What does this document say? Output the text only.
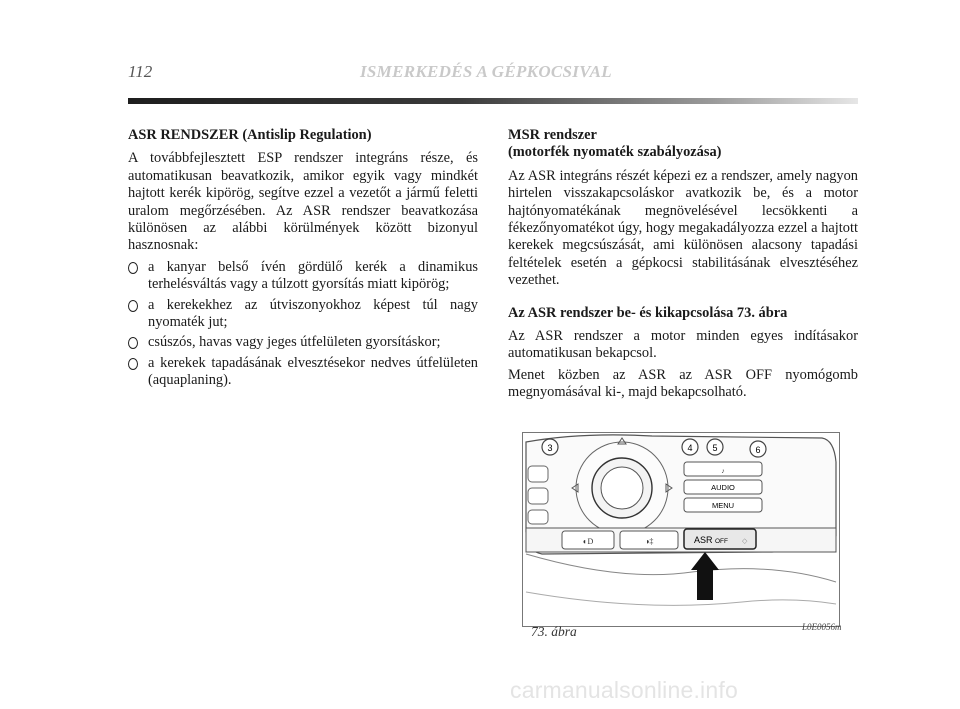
112	ISMERKEDÉS A GÉPKOCSIVAL
ASR RENDSZER (Antislip Regulation)

A továbbfejlesztett ESP rendszer integráns része, és automatikusan beavatkozik, amikor egyik vagy mindkét hajtott kerék kipörög, segítve ezzel a vezetőt a jármű feletti uralom megőrzésében. Az ASR rendszer beavatkozása különösen az alábbi körülmények között bizonyul hasznosnak:

a kanyar belső ívén gördülő kerék a dinamikus terhelésváltás vagy a túlzott gyorsítás miatt kipörög;
a kerekekhez az útviszonyokhoz képest túl nagy nyomaték jut;
csúszós, havas vagy jeges útfelületen gyorsításkor;
a kerekek tapadásának elvesztésekor nedves útfelületen (aquaplaning).
MSR rendszer
(motorfék nyomaték szabályozása)

Az ASR integráns részét képezi ez a rendszer, amely nagyon hirtelen visszakapcsoláskor avatkozik be, és a motor hajtónyomatékának megnövelésével lecsökkenti a fékezőnyomatékot úgy, hogy megakadályozza ezzel a hajtott kerekek megcsúszását, ami különösen alacsony tapadási feltételek esetén a gépkocsi stabilitásának elvesztéséhez vezethet.

Az ASR rendszer be- és kikapcsolása 73. ábra

Az ASR rendszer a motor minden egyes indításakor automatikusan bekapcsol.

Menet közben az ASR az ASR OFF nyomógomb megnyomásával ki-, majd bekapcsolható.

3	4 5	6
♪
AUDIO
MENU
◐D	◑‡	ASR OFF ◇
73. ábra	L0E0056m
carmanualsonline.info
